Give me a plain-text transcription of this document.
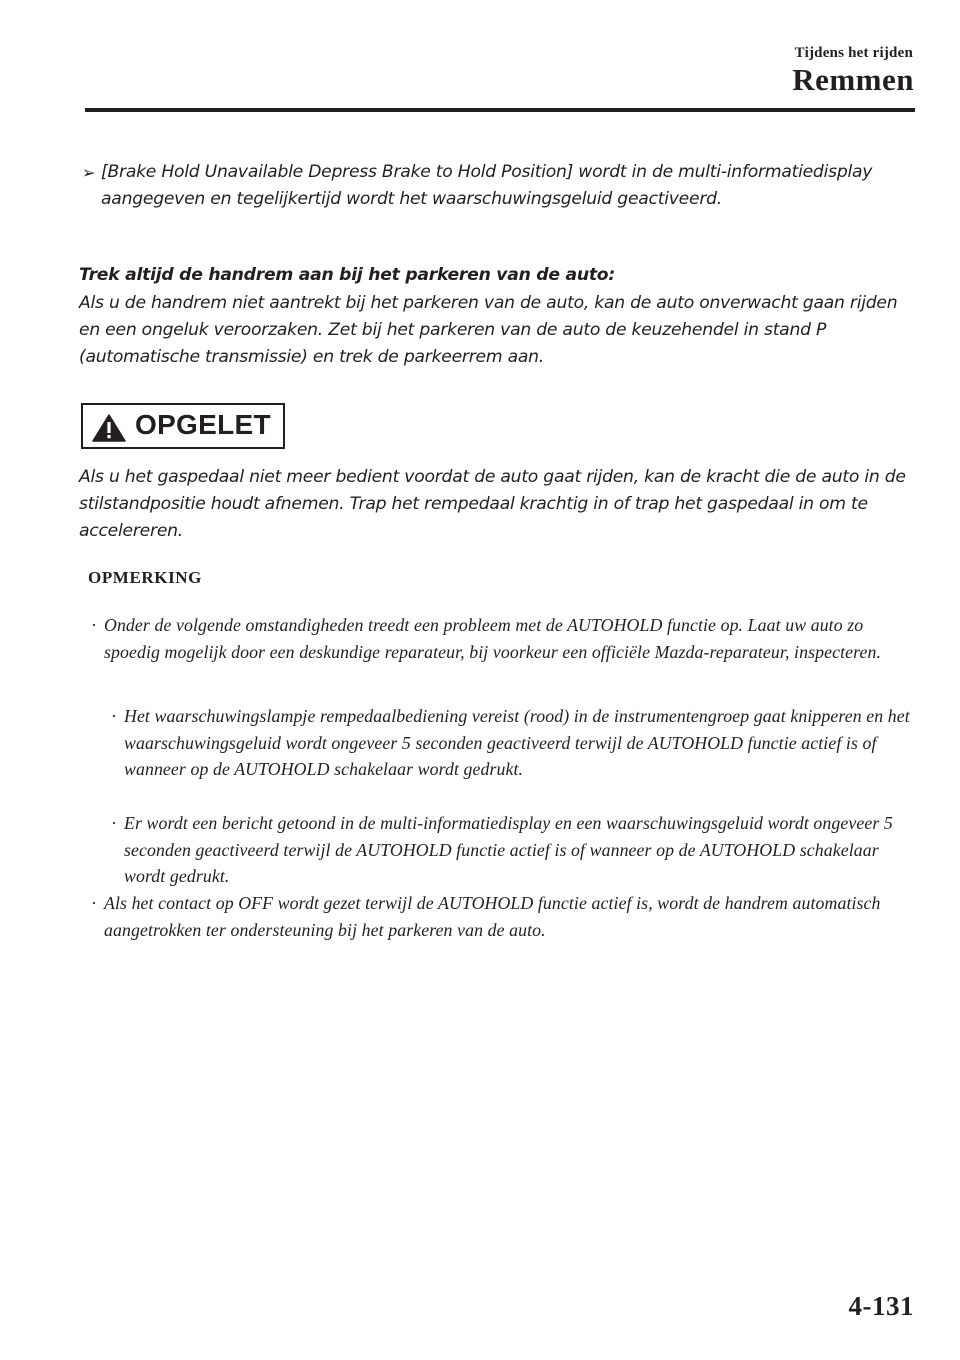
Tijdens het rijden
Remmen
➢ [Brake Hold Unavailable Depress Brake to Hold Position] wordt in de multi-informatiedisplay aangegeven en tegelijkertijd wordt het waarschuwingsgeluid geactiveerd.
Trek altijd de handrem aan bij het parkeren van de auto:
Als u de handrem niet aantrekt bij het parkeren van de auto, kan de auto onverwacht gaan rijden en een ongeluk veroorzaken. Zet bij het parkeren van de auto de keuzehendel in stand P (automatische transmissie) en trek de parkeerrem aan.
OPGELET
Als u het gaspedaal niet meer bedient voordat de auto gaat rijden, kan de kracht die de auto in de stilstandpositie houdt afnemen. Trap het rempedaal krachtig in of trap het gaspedaal in om te accelereren.
OPMERKING
· Onder de volgende omstandigheden treedt een probleem met de AUTOHOLD functie op. Laat uw auto zo spoedig mogelijk door een deskundige reparateur, bij voorkeur een officiële Mazda-reparateur, inspecteren.
· Het waarschuwingslampje rempedaalbediening vereist (rood) in de instrumentengroep gaat knipperen en het waarschuwingsgeluid wordt ongeveer 5 seconden geactiveerd terwijl de AUTOHOLD functie actief is of wanneer op de AUTOHOLD schakelaar wordt gedrukt.
· Er wordt een bericht getoond in de multi-informatiedisplay en een waarschuwingsgeluid wordt ongeveer 5 seconden geactiveerd terwijl de AUTOHOLD functie actief is of wanneer op de AUTOHOLD schakelaar wordt gedrukt.
· Als het contact op OFF wordt gezet terwijl de AUTOHOLD functie actief is, wordt de handrem automatisch aangetrokken ter ondersteuning bij het parkeren van de auto.
4-131
